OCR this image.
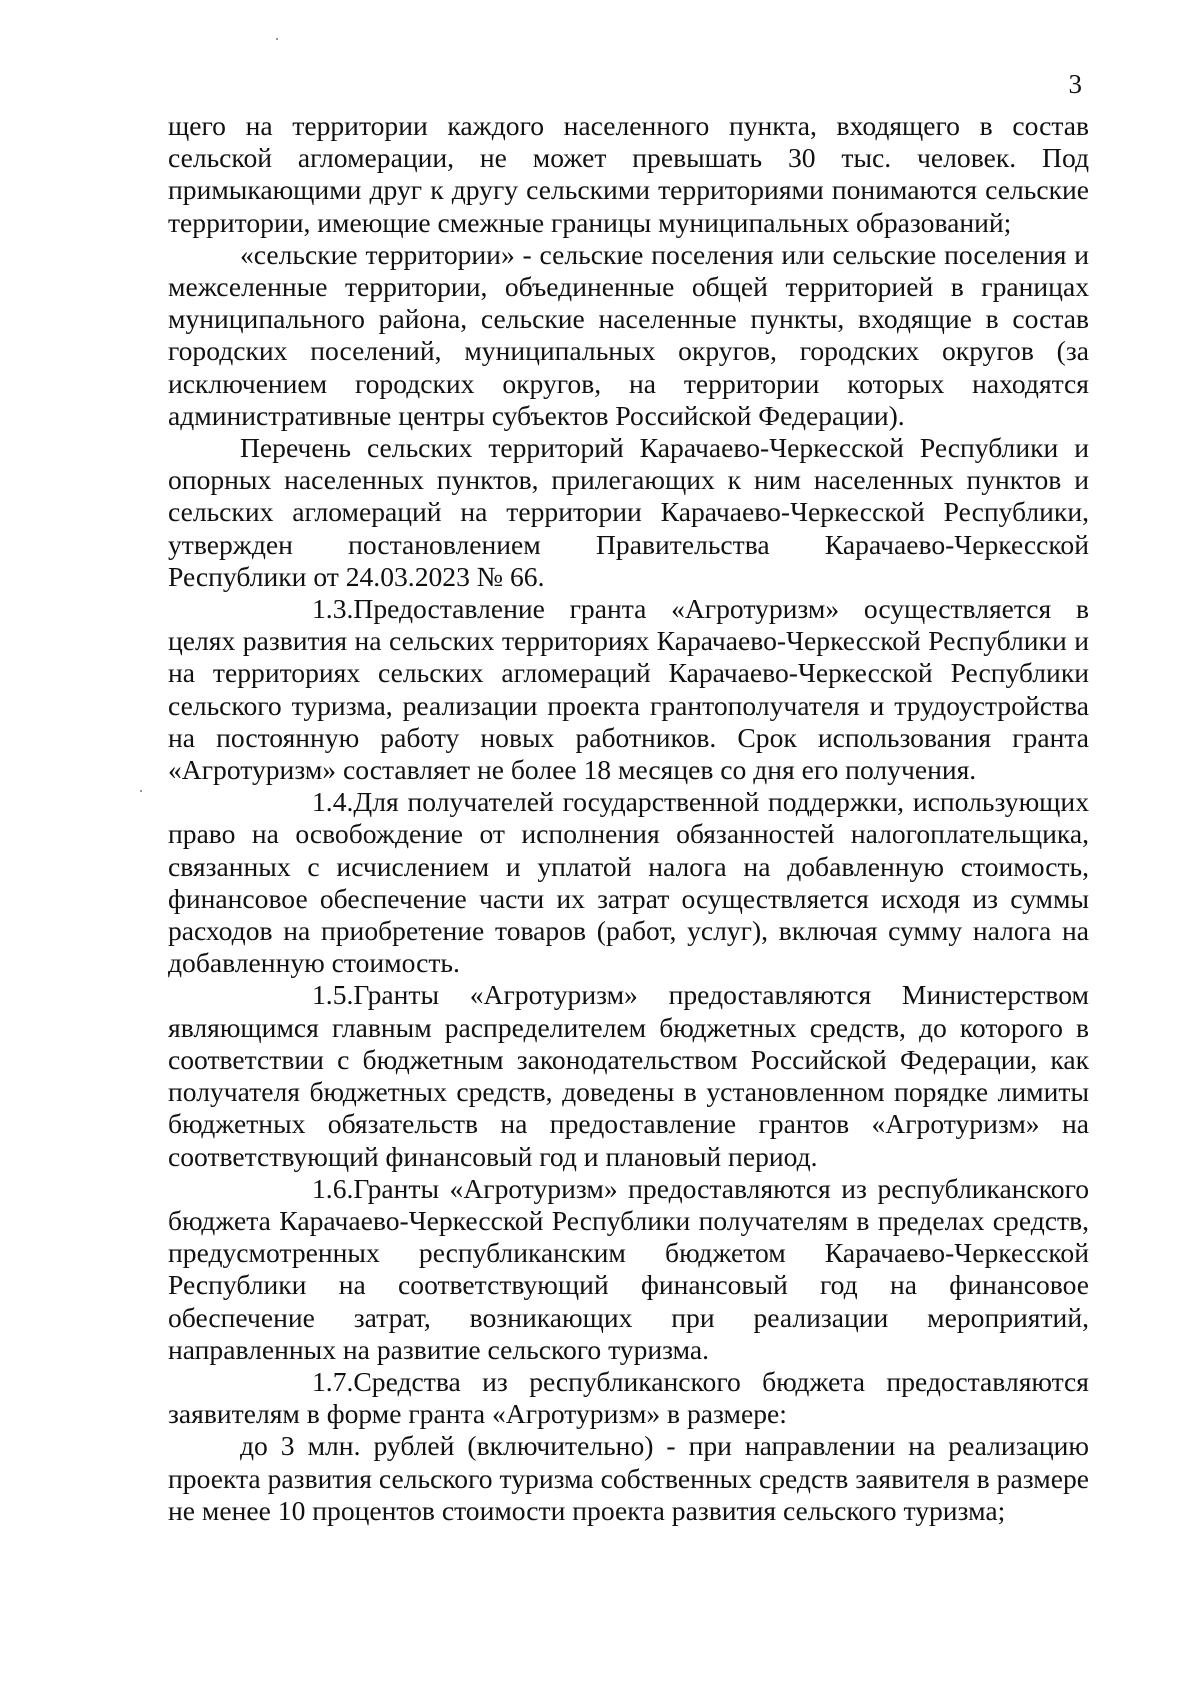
3

щего на территории каждого населенного пункта, входящего в состав сельской агломерации, не может превышать 30 тыс. человек. Под примыкающими друг к другу сельскими территориями понимаются сельские территории, имеющие смежные границы муниципальных образований;

«сельские территории» - сельские поселения или сельские поселения и межселенные территории, объединенные общей территорией в границах муниципального района, сельские населенные пункты, входящие в состав городских поселений, муниципальных округов, городских округов (за исключением городских округов, на территории которых находятся административные центры субъектов Российской Федерации).

Перечень сельских территорий Карачаево-Черкесской Республики и опорных населенных пунктов, прилегающих к ним населенных пунктов и сельских агломераций на территории Карачаево-Черкесской Республики, утвержден постановлением Правительства Карачаево-Черкесской Республики от 24.03.2023 № 66.

1.3.Предоставление гранта «Агротуризм» осуществляется в целях развития на сельских территориях Карачаево-Черкесской Республики и на территориях сельских агломераций Карачаево-Черкесской Республики сельского туризма, реализации проекта грантополучателя и трудоустройства на постоянную работу новых работников. Срок использования гранта «Агротуризм» составляет не более 18 месяцев со дня его получения.

1.4.Для получателей государственной поддержки, использующих право на освобождение от исполнения обязанностей налогоплательщика, связанных с исчислением и уплатой налога на добавленную стоимость, финансовое обеспечение части их затрат осуществляется исходя из суммы расходов на приобретение товаров (работ, услуг), включая сумму налога на добавленную стоимость.

1.5.Гранты «Агротуризм» предоставляются Министерством являющимся главным распределителем бюджетных средств, до которого в соответствии с бюджетным законодательством Российской Федерации, как получателя бюджетных средств, доведены в установленном порядке лимиты бюджетных обязательств на предоставление грантов «Агротуризм» на соответствующий финансовый год и плановый период.

1.6.Гранты «Агротуризм» предоставляются из республиканского бюджета Карачаево-Черкесской Республики получателям в пределах средств, предусмотренных республиканским бюджетом Карачаево-Черкесской Республики на соответствующий финансовый год на финансовое обеспечение затрат, возникающих при реализации мероприятий, направленных на развитие сельского туризма.

1.7.Средства из республиканского бюджета предоставляются заявителям в форме гранта «Агротуризм» в размере:

до 3 млн. рублей (включительно) - при направлении на реализацию проекта развития сельского туризма собственных средств заявителя в размере не менее 10 процентов стоимости проекта развития сельского туризма;
